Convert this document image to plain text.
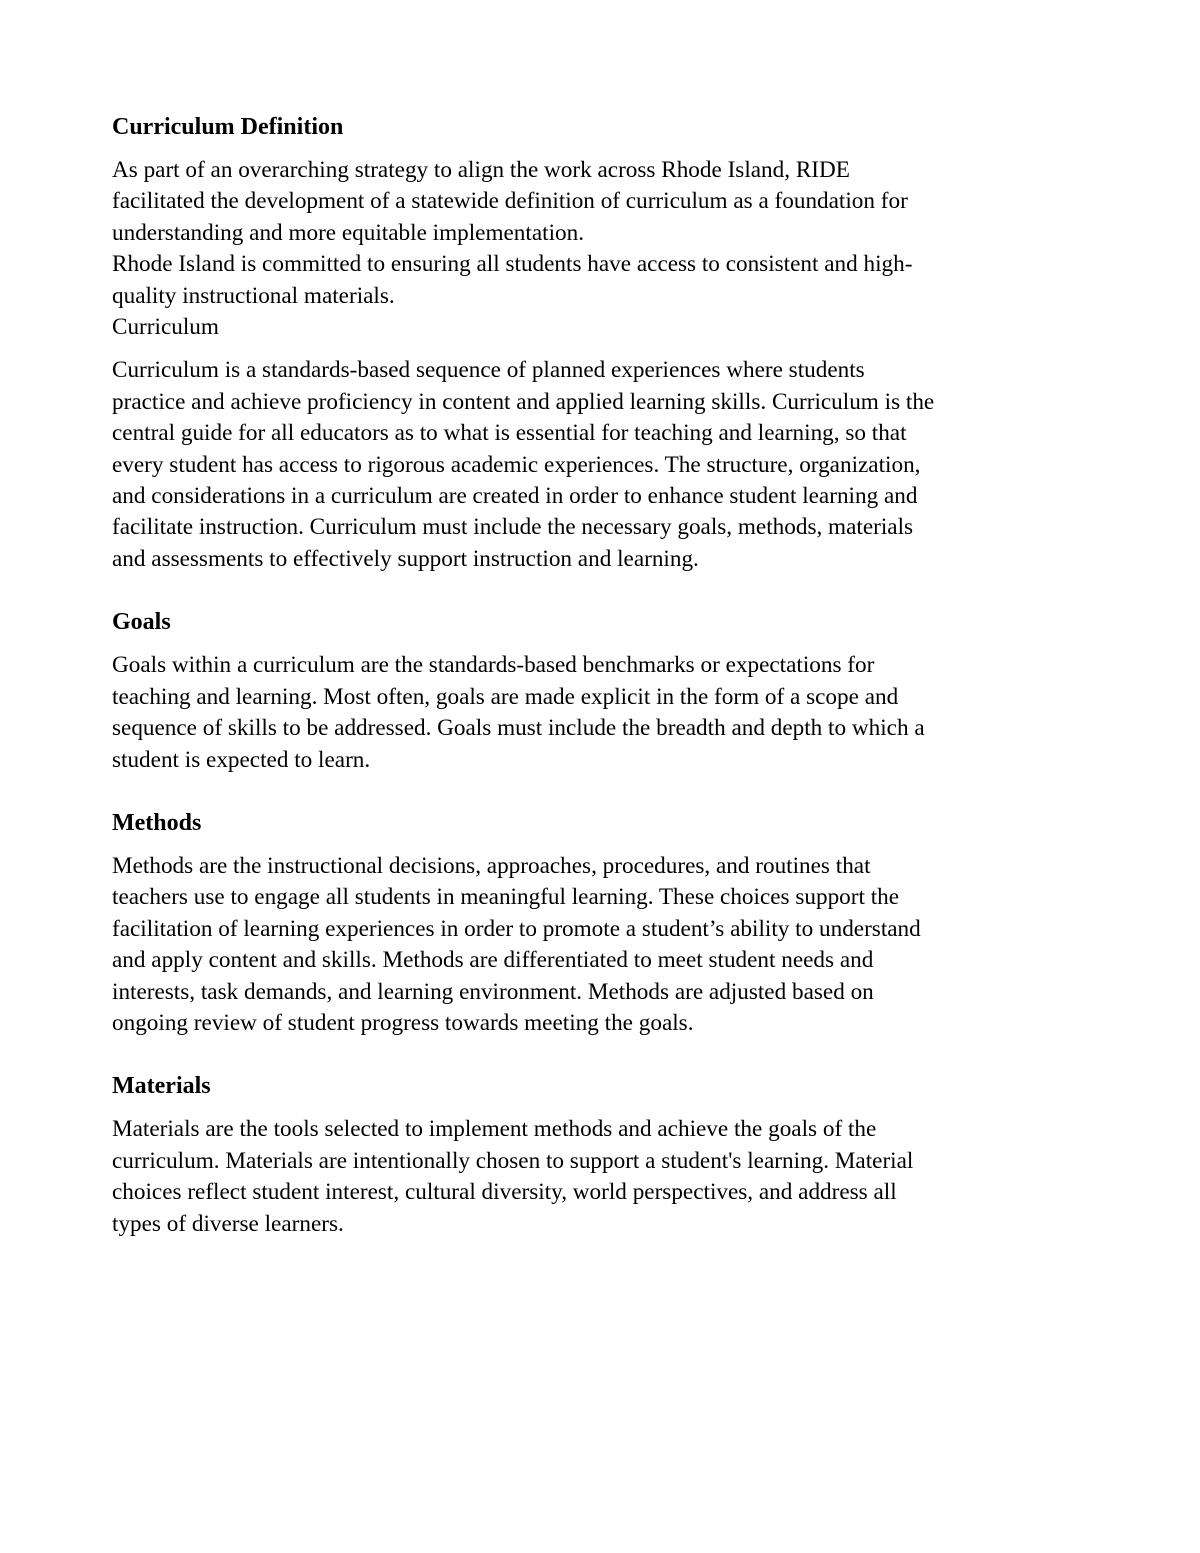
Curriculum Definition

As part of an overarching strategy to align the work across Rhode Island, RIDE
facilitated the development of a statewide definition of curriculum as a foundation for
understanding and more equitable implementation.
Rhode Island is committed to ensuring all students have access to consistent and high-
quality instructional materials.

Curriculum

Curriculum is a standards-based sequence of planned experiences where students
practice and achieve proficiency in content and applied learning skills. Curriculum is the
central guide for all educators as to what is essential for teaching and learning, so that
every student has access to rigorous academic experiences. The structure, organization,
and considerations in a curriculum are created in order to enhance student learning and
facilitate instruction. Curriculum must include the necessary goals, methods, materials
and assessments to effectively support instruction and learning.

Goals

Goals within a curriculum are the standards-based benchmarks or expectations for
teaching and learning. Most often, goals are made explicit in the form of a scope and
sequence of skills to be addressed. Goals must include the breadth and depth to which a
student is expected to learn.

Methods

Methods are the instructional decisions, approaches, procedures, and routines that
teachers use to engage all students in meaningful learning. These choices support the
facilitation of learning experiences in order to promote a student’s ability to understand
and apply content and skills. Methods are differentiated to meet student needs and
interests, task demands, and learning environment. Methods are adjusted based on
ongoing review of student progress towards meeting the goals.

Materials

Materials are the tools selected to implement methods and achieve the goals of the
curriculum. Materials are intentionally chosen to support a student's learning. Material
choices reflect student interest, cultural diversity, world perspectives, and address all
types of diverse learners.
